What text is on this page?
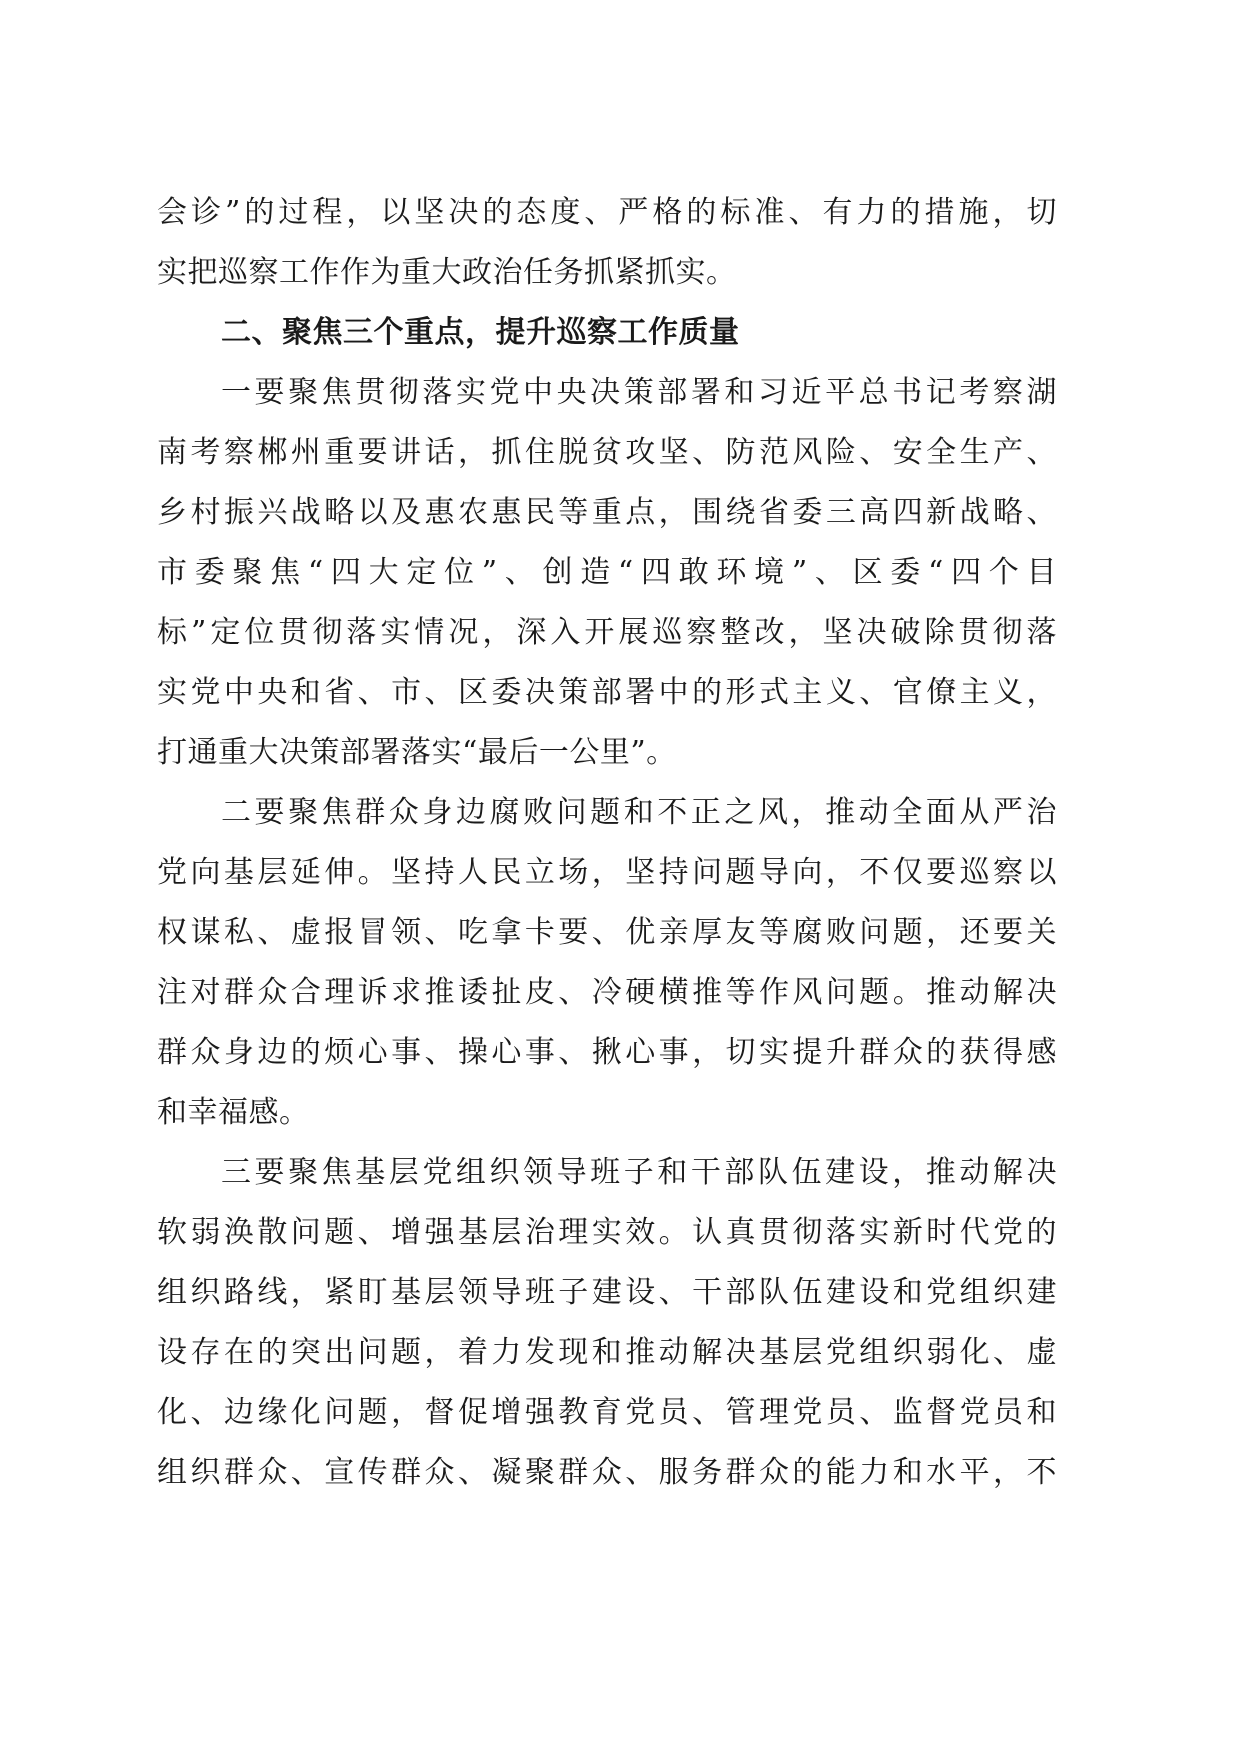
会诊”的过程，以坚决的态度、严格的标准、有力的措施，切
实把巡察工作作为重大政治任务抓紧抓实。
二、聚焦三个重点，提升巡察工作质量
一要聚焦贯彻落实党中央决策部署和习近平总书记考察湖
南考察郴州重要讲话，抓住脱贫攻坚、防范风险、安全生产、
乡村振兴战略以及惠农惠民等重点，围绕省委三高四新战略、
市委聚焦“四大定位”、创造“四敢环境”、区委“四个目
标”定位贯彻落实情况，深入开展巡察整改，坚决破除贯彻落
实党中央和省、市、区委决策部署中的形式主义、官僚主义，
打通重大决策部署落实“最后一公里”。
二要聚焦群众身边腐败问题和不正之风，推动全面从严治
党向基层延伸。坚持人民立场，坚持问题导向，不仅要巡察以
权谋私、虚报冒领、吃拿卡要、优亲厚友等腐败问题，还要关
注对群众合理诉求推诿扯皮、冷硬横推等作风问题。推动解决
群众身边的烦心事、操心事、揪心事，切实提升群众的获得感
和幸福感。
三要聚焦基层党组织领导班子和干部队伍建设，推动解决
软弱涣散问题、增强基层治理实效。认真贯彻落实新时代党的
组织路线，紧盯基层领导班子建设、干部队伍建设和党组织建
设存在的突出问题，着力发现和推动解决基层党组织弱化、虚
化、边缘化问题，督促增强教育党员、管理党员、监督党员和
组织群众、宣传群众、凝聚群众、服务群众的能力和水平，不
